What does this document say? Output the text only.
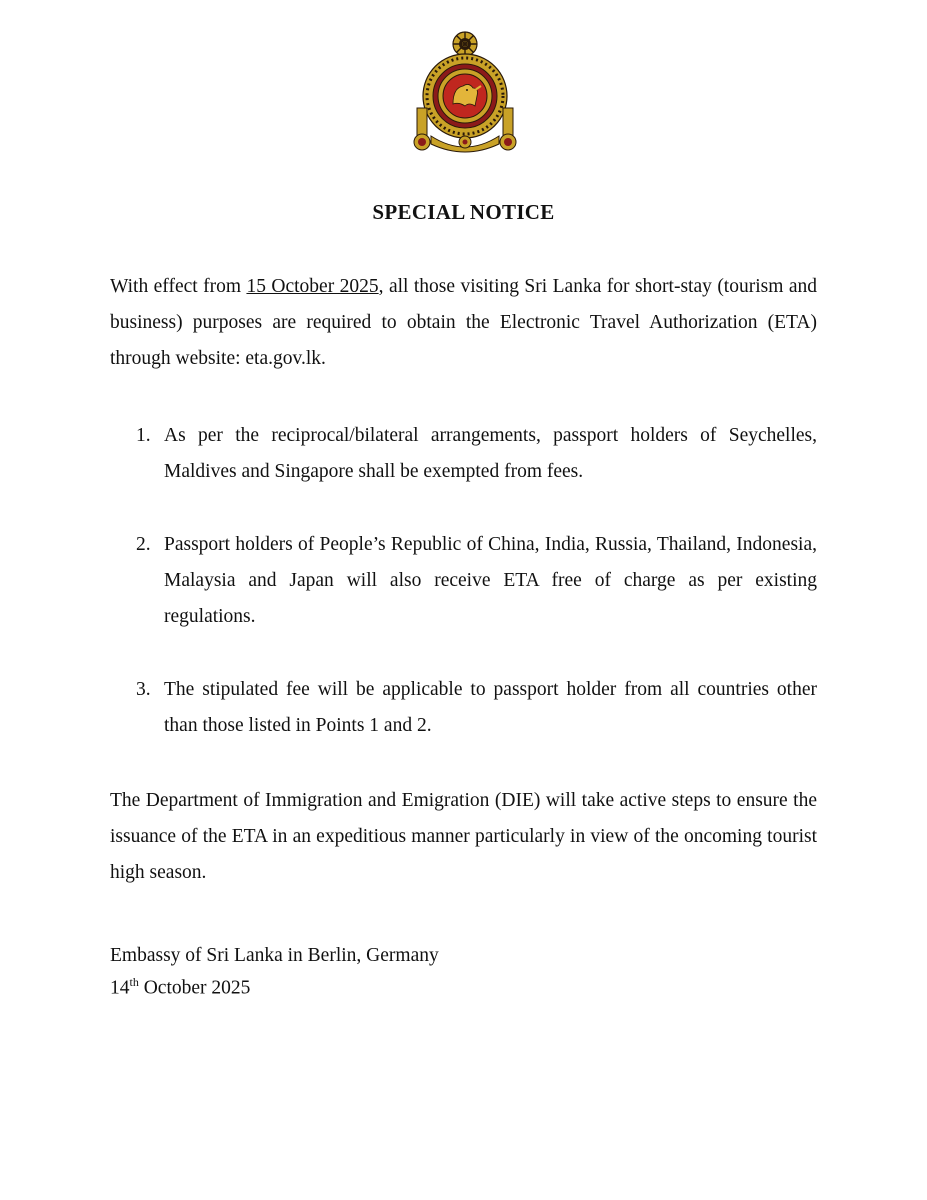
SPECIAL NOTICE
With effect from 15 October 2025, all those visiting Sri Lanka for short-stay (tourism and business) purposes are required to obtain the Electronic Travel Authorization (ETA) through website: eta.gov.lk.
1. As per the reciprocal/bilateral arrangements, passport holders of Seychelles, Maldives and Singapore shall be exempted from fees.
2. Passport holders of People’s Republic of China, India, Russia, Thailand, Indonesia, Malaysia and Japan will also receive ETA free of charge as per existing regulations.
3. The stipulated fee will be applicable to passport holder from all countries other than those listed in Points 1 and 2.
The Department of Immigration and Emigration (DIE) will take active steps to ensure the issuance of the ETA in an expeditious manner particularly in view of the oncoming tourist high season.
Embassy of Sri Lanka in Berlin, Germany
14th October 2025
